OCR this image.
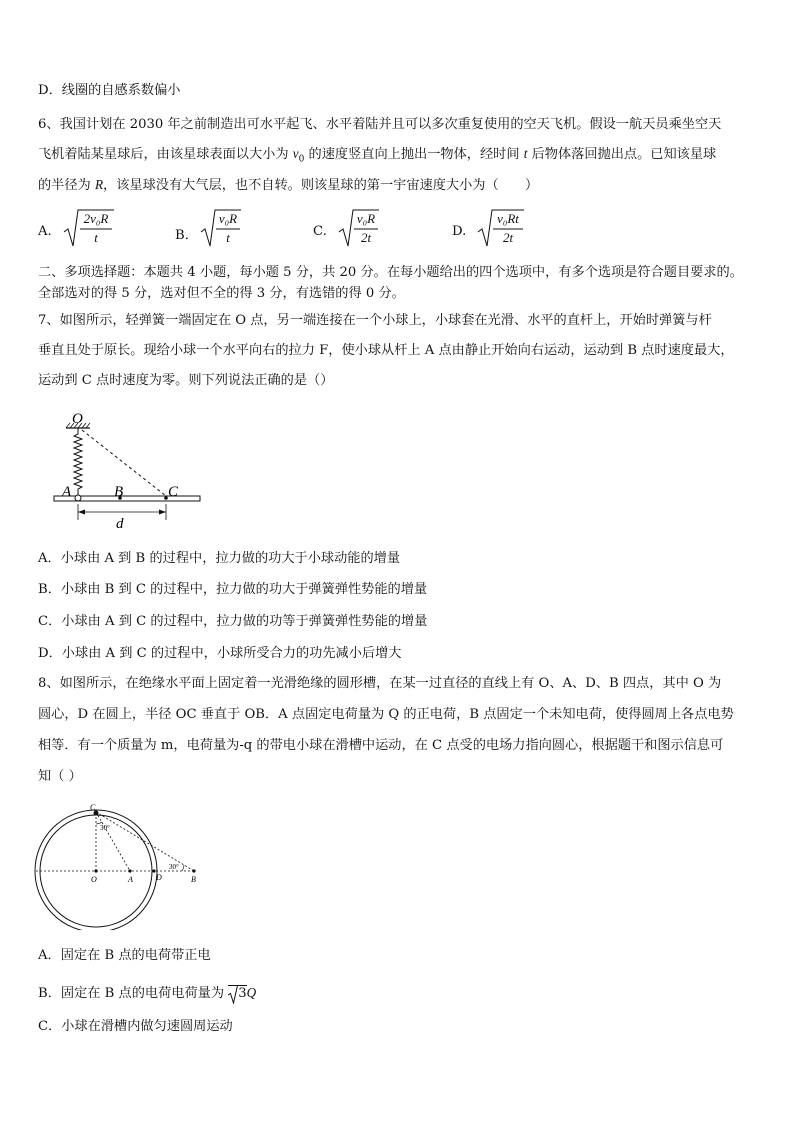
D．线圈的自感系数偏小
6、我国计划在 2030 年之前制造出可水平起飞、水平着陆并且可以多次重复使用的空天飞机。假设一航天员乘坐空天
飞机着陆某星球后，由该星球表面以大小为 $v_0$ 的速度竖直向上抛出一物体，经时间 t 后物体落回抛出点。已知该星球
的半径为 R，该星球没有大气层，也不自转。则该星球的第一宇宙速度大小为（　　）
A.
2v₀R
t	B．
v₀R
t	C.
v₀R
2t	D.
v₀Rt
2t
二、多项选择题：本题共 4 小题，每小题 5 分，共 20 分。在每小题给出的四个选项中，有多个选项是符合题目要求的。
全部选对的得 5 分，选对但不全的得 3 分，有选错的得 0 分。
7、如图所示，轻弹簧一端固定在 O 点，另一端连接在一个小球上，小球套在光滑、水平的直杆上，开始时弹簧与杆
垂直且处于原长。现给小球一个水平向右的拉力 F，使小球从杆上 A 点由静止开始向右运动，运动到 B 点时速度最大，
运动到 C 点时速度为零。则下列说法正确的是（）
O
A	B	C
d
A．小球由 A 到 B 的过程中，拉力做的功大于小球动能的增量
B．小球由 B 到 C 的过程中，拉力做的功大于弹簧弹性势能的增量
C．小球由 A 到 C 的过程中，拉力做的功等于弹簧弹性势能的增量
D．小球由 A 到 C 的过程中，小球所受合力的功先减小后增大
8、如图所示，在绝缘水平面上固定着一光滑绝缘的圆形槽，在某一过直径的直线上有 O、A、D、B 四点，其中 O 为
圆心，D 在圆上，半径 OC 垂直于 OB．A 点固定电荷量为 Q 的正电荷，B 点固定一个未知电荷，使得圆周上各点电势
相等．有一个质量为 m，电荷量为-q 的带电小球在滑槽中运动，在 C 点受的电场力指向圆心，根据题干和图示信息可
知（ ）
C
O	A	D	B
30°
30°
A．固定在 B 点的电荷带正电
B．固定在 B 点的电荷电荷量为
3Q
C．小球在滑槽内做匀速圆周运动
